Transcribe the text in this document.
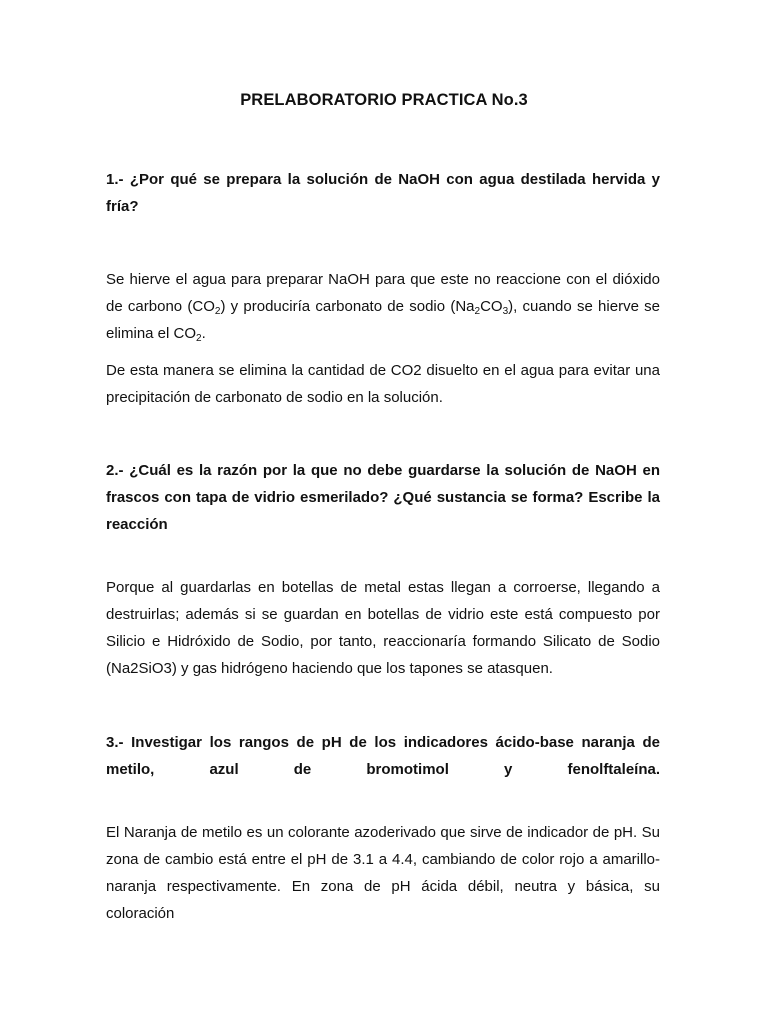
PRELABORATORIO PRACTICA No.3
1.- ¿Por qué se prepara la solución de NaOH con agua destilada hervida y fría?
Se hierve el agua para preparar NaOH para que este no reaccione con el dióxido de carbono $(CO_2)$ y produciría carbonato de sodio $(Na_2CO_3)$, cuando se hierve se elimina el $CO_2$.
De esta manera se elimina la cantidad de CO2 disuelto en el agua para evitar una precipitación de carbonato de sodio en la solución.
2.- ¿Cuál es la razón por la que no debe guardarse la solución de NaOH en frascos con tapa de vidrio esmerilado? ¿Qué sustancia se forma? Escribe la reacción
Porque al guardarlas en botellas de metal estas llegan a corroerse, llegando a destruirlas; además si se guardan en botellas de vidrio este está compuesto por Silicio e Hidróxido de Sodio, por tanto, reaccionaría formando Silicato de Sodio (Na2SiO3) y gas hidrógeno haciendo que los tapones se atasquen.
3.- Investigar los rangos de pH de los indicadores ácido-base naranja de
metilo, azul de bromotimol y fenolftaleína.
El Naranja de metilo es un colorante azoderivado que sirve de indicador de pH. Su zona de cambio está entre el pH de 3.1 a 4.4, cambiando de color rojo a amarillo-naranja respectivamente. En zona de pH ácida débil, neutra y básica, su coloración
